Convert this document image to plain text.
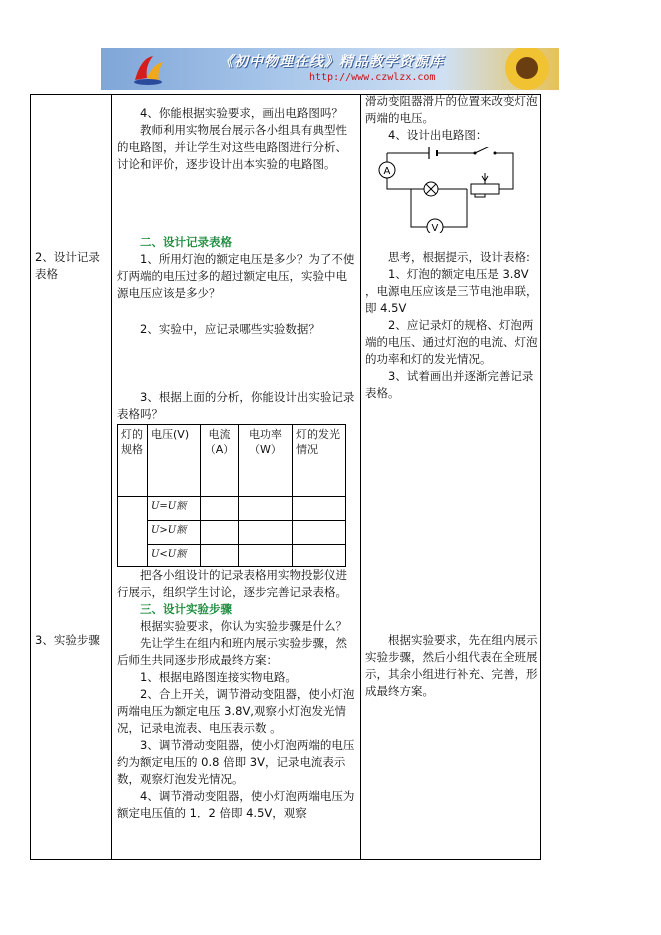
《初中物理在线》精品教学资源库
http://www.czwlzx.com
2、设计记录表格
3、实验步骤

4、你能根据实验要求，画出电路图吗？

教师利用实物展台展示各小组具有典型性的电路图，并让学生对这些电路图进行分析、讨论和评价，逐步设计出本实验的电路图。

二、设计记录表格

1、所用灯泡的额定电压是多少？为了不使灯两端的电压过多的超过额定电压，实验中电源电压应该是多少？

2、实验中，应记录哪些实验数据？

3、根据上面的分析，你能设计出实验记录表格吗？

灯的规格	电压(V)	电流（A）	电功率（W）	灯的发光情况
	U=U额			
	U>U额			
	U<U额			

把各小组设计的记录表格用实物投影仪进行展示，组织学生讨论，逐步完善记录表格。

三、设计实验步骤

根据实验要求，你认为实验步骤是什么？

先让学生在组内和班内展示实验步骤，然后师生共同逐步形成最终方案：

1、根据电路图连接实物电路。

2、合上开关，调节滑动变阻器，使小灯泡两端电压为额定电压 3.8V,观察小灯泡发光情况，记录电流表、电压表示数 。

3、调节滑动变阻器，使小灯泡两端的电压约为额定电压的 0.8 倍即 3V，记录电流表示数，观察灯泡发光情况。

4、调节滑动变阻器，使小灯泡两端电压为额定电压值的 1．2 倍即 4.5V，观察

滑动变阻器滑片的位置来改变灯泡两端的电压。

4、设计出电路图：

A
V

思考，根据提示，设计表格:

1、灯泡的额定电压是 3.8V ，电源电压应该是三节电池串联，即 4.5V

2、应记录灯的规格、灯泡两端的电压、通过灯泡的电流、灯泡的功率和灯的发光情况。

3、试着画出并逐渐完善记录表格。

根据实验要求，先在组内展示实验步骤，然后小组代表在全班展示，其余小组进行补充、完善，形成最终方案。
